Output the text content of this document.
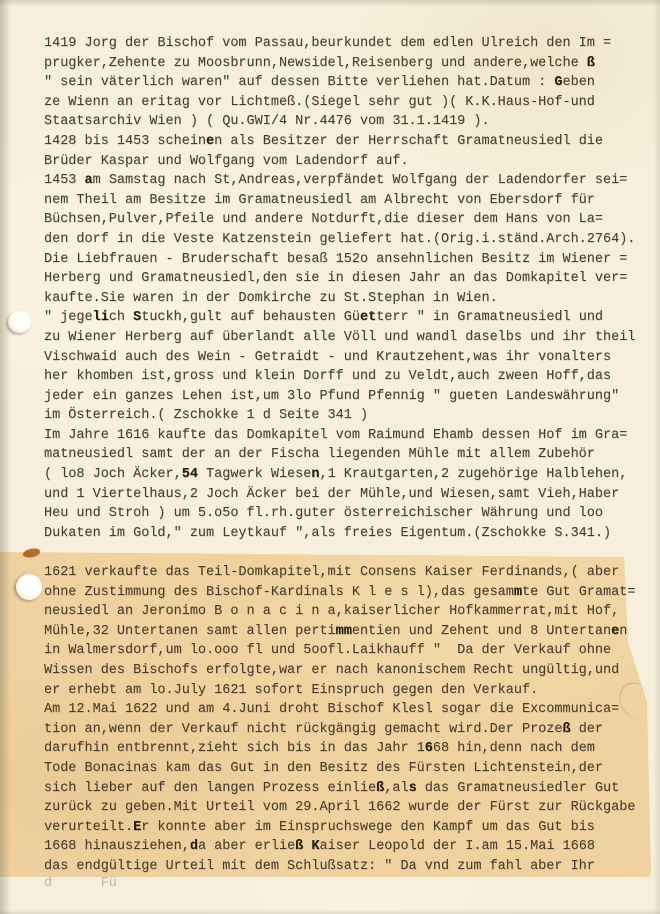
1419 Jorg der Bischof vom Passau,beurkundet dem edlen Ulreich den Im =
prugker,Zehente zu Moosbrunn,Newsidel,Reisenberg und andere,welche ß
" sein väterlich waren" auf dessen Bitte verliehen hat.Datum : Geben
ze Wienn an eritag vor Lichtmeß.(Siegel sehr gut )( K.K.Haus-Hof-und
Staatsarchiv Wien ) ( Qu.GWI/4 Nr.4476 vom 31.1.1419 ).
1428 bis 1453 scheinen als Besitzer der Herrschaft Gramatneusiedl die
Brüder Kaspar und Wolfgang vom Ladendorf auf.
1453 am Samstag nach St,Andreas,verpfändet Wolfgang der Ladendorfer sei=
nem Theil am Besitze im Gramatneusiedl am Albrecht von Ebersdorf für
Büchsen,Pulver,Pfeile und andere Notdurft,die dieser dem Hans von La=
den dorf in die Veste Katzenstein geliefert hat.(Orig.i.ständ.Arch.2764).
Die Liebfrauen - Bruderschaft besaß 152o ansehnlichen Besitz im Wiener =
Herberg und Gramatneusiedl,den sie in diesen Jahr an das Domkapitel ver=
kaufte.Sie waren in der Domkirche zu St.Stephan in Wien.
" jegelich Stuckh,gult auf behausten Güetterr " in Gramatneusiedl und
zu Wiener Herberg auf überlandt alle Völl und wandl daselbs und ihr theil
Vischwaid auch des Wein - Getraidt - und Krautzehent,was ihr vonalters
her khomben ist,gross und klein Dorff und zu Veldt,auch zween Hoff,das
jeder ein ganzes Lehen ist,um 3lo Pfund Pfennig " gueten Landeswährung"
im Österreich.( Zschokke 1 d Seite 341 )
Im Jahre 1616 kaufte das Domkapitel vom Raimund Ehamb dessen Hof im Gra=
matneusiedl samt der an der Fischa liegenden Mühle mit allem Zubehör
( lo8 Joch Äcker,54 Tagwerk Wiesen,1 Krautgarten,2 zugehörige Halblehen,
und 1 Viertelhaus,2 Joch Äcker bei der Mühle,und Wiesen,samt Vieh,Haber
Heu und Stroh ) um 5.o5o fl.rh.guter österreichischer Währung und loo
Dukaten im Gold," zum Leytkauf ",als freies Eigentum.(Zschokke S.341.)
1621 verkaufte das Teil-Domkapitel,mit Consens Kaiser Ferdinands,( aber
ohne Zustimmung des Bischof-Kardinals K l e s l),das gesammte Gut Gramat=
neusiedl an Jeronimo B o n a c i n a,kaiserlicher Hofkammerrat,mit Hof,
Mühle,32 Untertanen samt allen pertimmentien und Zehent und 8 Untertanen
in Walmersdorf,um lo.ooo fl und 5oofl.Laikhauff "  Da der Verkauf ohne
Wissen des Bischofs erfolgte,war er nach kanonischem Recht ungültig,und
er erhebt am lo.July 1621 sofort Einspruch gegen den Verkauf.
Am 12.Mai 1622 und am 4.Juni droht Bischof Klesl sogar die Excommunica=
tion an,wenn der Verkauf nicht rückgängig gemacht wird.Der Prozeß der
darufhin entbrennt,zieht sich bis in das Jahr 1668 hin,denn nach dem
Tode Bonacinas kam das Gut in den Besitz des Fürsten Lichtenstein,der
sich lieber auf den langen Prozess einließ,als das Gramatneusiedler Gut
zurück zu geben.Mit Urteil vom 29.April 1662 wurde der Fürst zur Rückgabe
verurteilt.Er konnte aber im Einspruchswege den Kampf um das Gut bis
1668 hinausziehen,da aber erließ Kaiser Leopold der I.am 15.Mai 1668
das endgültige Urteil mit dem Schlußsatz: " Da vnd zum fahl aber Ihr
d      Fü
